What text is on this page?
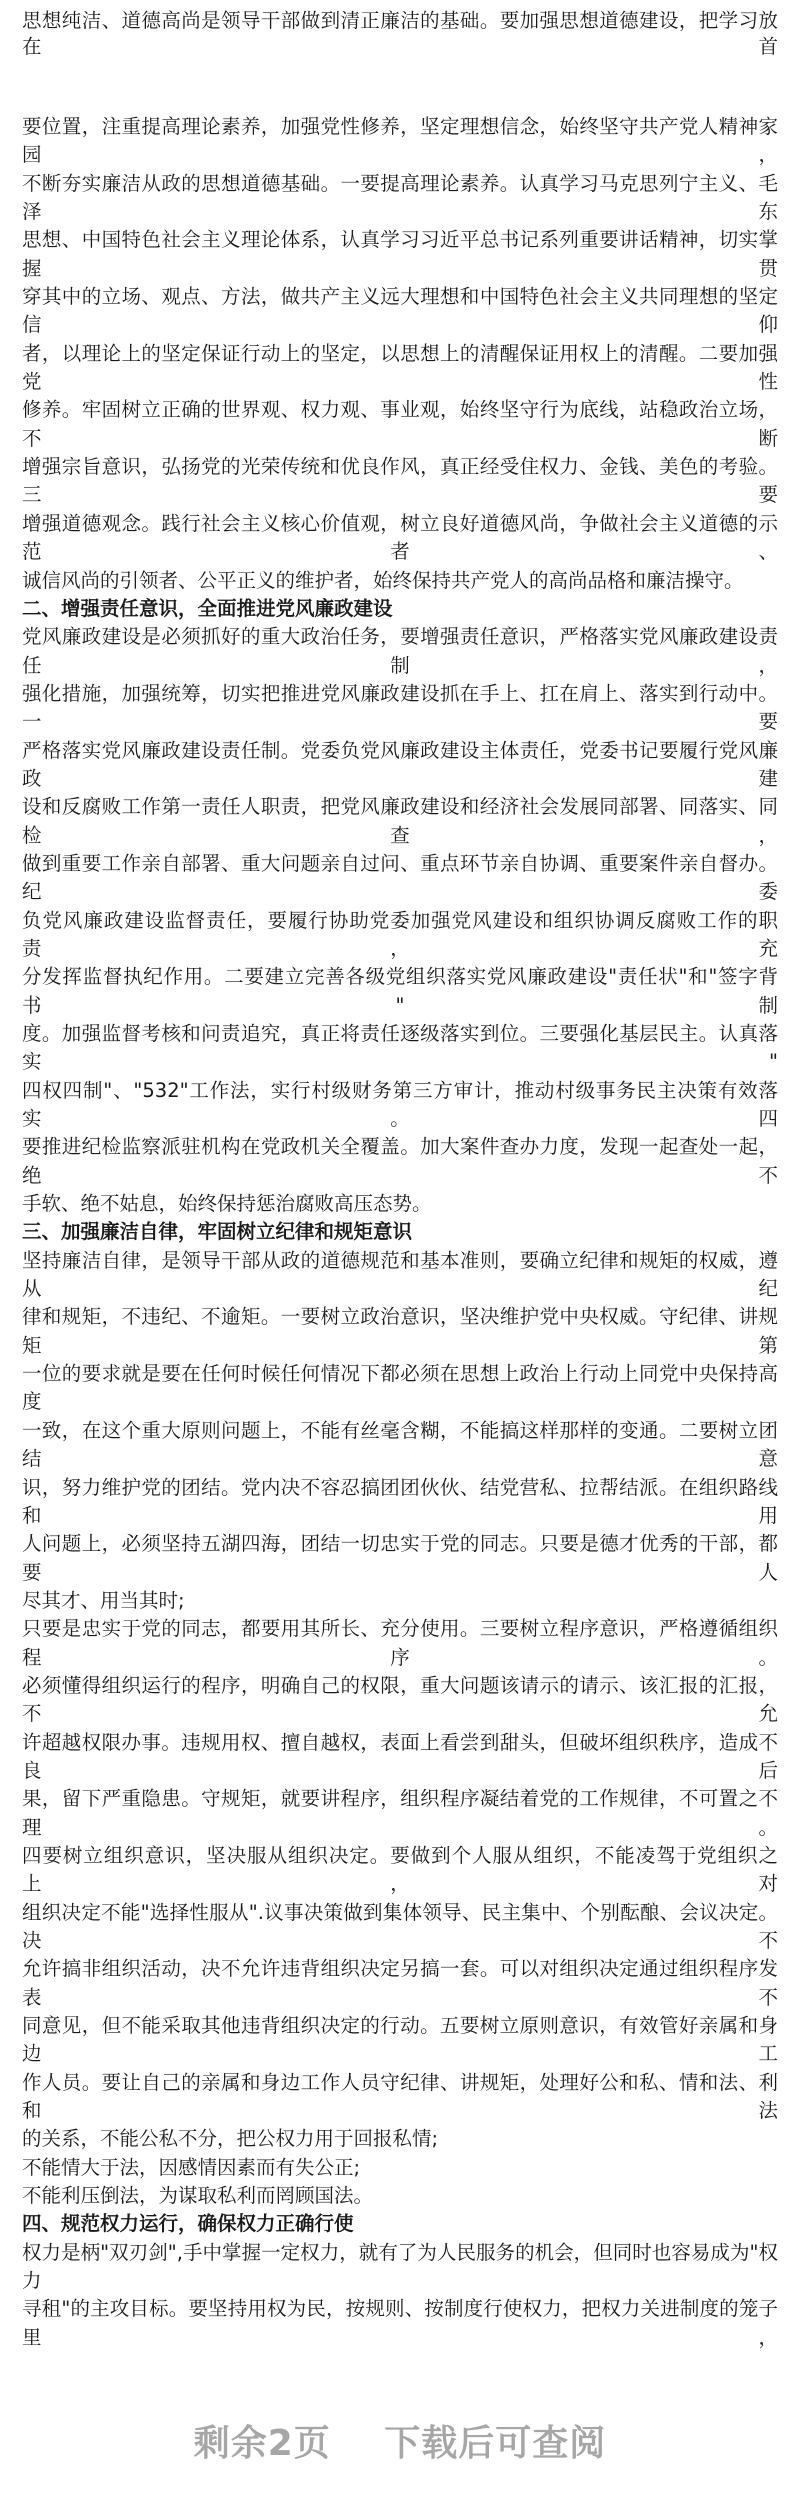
思想纯洁、道德高尚是领导干部做到清正廉洁的基础。要加强思想道德建设，把学习放在首
要位置，注重提高理论素养，加强党性修养，坚定理想信念，始终坚守共产党人精神家园，
不断夯实廉洁从政的思想道德基础。一要提高理论素养。认真学习马克思列宁主义、毛泽东
思想、中国特色社会主义理论体系，认真学习习近平总书记系列重要讲话精神，切实掌握贯
穿其中的立场、观点、方法，做共产主义远大理想和中国特色社会主义共同理想的坚定信仰
者，以理论上的坚定保证行动上的坚定，以思想上的清醒保证用权上的清醒。二要加强党性
修养。牢固树立正确的世界观、权力观、事业观，始终坚守行为底线，站稳政治立场，不断
增强宗旨意识，弘扬党的光荣传统和优良作风，真正经受住权力、金钱、美色的考验。三要
增强道德观念。践行社会主义核心价值观，树立良好道德风尚，争做社会主义道德的示范者、
诚信风尚的引领者、公平正义的维护者，始终保持共产党人的高尚品格和廉洁操守。
二、增强责任意识，全面推进党风廉政建设
党风廉政建设是必须抓好的重大政治任务，要增强责任意识，严格落实党风廉政建设责任制，
强化措施，加强统筹，切实把推进党风廉政建设抓在手上、扛在肩上、落实到行动中。一要
严格落实党风廉政建设责任制。党委负党风廉政建设主体责任，党委书记要履行党风廉政建
设和反腐败工作第一责任人职责，把党风廉政建设和经济社会发展同部署、同落实、同检查，
做到重要工作亲自部署、重大问题亲自过问、重点环节亲自协调、重要案件亲自督办。纪委
负党风廉政建设监督责任，要履行协助党委加强党风建设和组织协调反腐败工作的职责，充
分发挥监督执纪作用。二要建立完善各级党组织落实党风廉政建设"责任状"和"签字背书"制
度。加强监督考核和问责追究，真正将责任逐级落实到位。三要强化基层民主。认真落实"
四权四制"、"532"工作法，实行村级财务第三方审计，推动村级事务民主决策有效落实。四
要推进纪检监察派驻机构在党政机关全覆盖。加大案件查办力度，发现一起查处一起，绝不
手软、绝不姑息，始终保持惩治腐败高压态势。
三、加强廉洁自律，牢固树立纪律和规矩意识
坚持廉洁自律，是领导干部从政的道德规范和基本准则，要确立纪律和规矩的权威，遵从纪
律和规矩，不违纪、不逾矩。一要树立政治意识，坚决维护党中央权威。守纪律、讲规矩第
一位的要求就是要在任何时候任何情况下都必须在思想上政治上行动上同党中央保持高度
一致，在这个重大原则问题上，不能有丝毫含糊，不能搞这样那样的变通。二要树立团结意
识，努力维护党的团结。党内决不容忍搞团团伙伙、结党营私、拉帮结派。在组织路线和用
人问题上，必须坚持五湖四海，团结一切忠实于党的同志。只要是德才优秀的干部，都要人
尽其才、用当其时;
只要是忠实于党的同志，都要用其所长、充分使用。三要树立程序意识，严格遵循组织程序。
必须懂得组织运行的程序，明确自己的权限，重大问题该请示的请示、该汇报的汇报，不允
许超越权限办事。违规用权、擅自越权，表面上看尝到甜头，但破坏组织秩序，造成不良后
果，留下严重隐患。守规矩，就要讲程序，组织程序凝结着党的工作规律，不可置之不理。
四要树立组织意识，坚决服从组织决定。要做到个人服从组织，不能凌驾于党组织之上，对
组织决定不能"选择性服从".议事决策做到集体领导、民主集中、个别酝酿、会议决定。决不
允许搞非组织活动，决不允许违背组织决定另搞一套。可以对组织决定通过组织程序发表不
同意见，但不能采取其他违背组织决定的行动。五要树立原则意识，有效管好亲属和身边工
作人员。要让自己的亲属和身边工作人员守纪律、讲规矩，处理好公和私、情和法、利和法
的关系，不能公私不分，把公权力用于回报私情;
不能情大于法，因感情因素而有失公正;
不能利压倒法，为谋取私利而罔顾国法。
四、规范权力运行，确保权力正确行使
权力是柄"双刃剑",手中掌握一定权力，就有了为人民服务的机会，但同时也容易成为"权力
寻租"的主攻目标。要坚持用权为民，按规则、按制度行使权力，把权力关进制度的笼子里，
剩余2页 下载后可查阅
